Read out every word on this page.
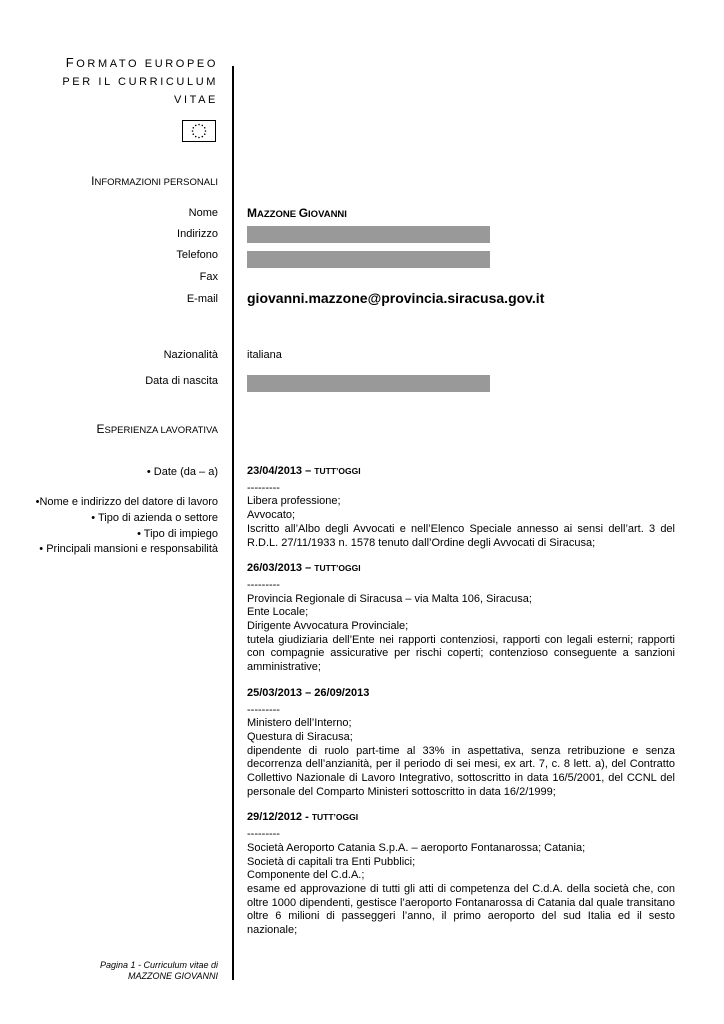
FORMATO EUROPEO
PER IL CURRICULUM
VITAE
INFORMAZIONI PERSONALI
Nome MAZZONE GIOVANNI
Indirizzo
Telefono
Fax
E-mail giovanni.mazzone@provincia.siracusa.gov.it
Nazionalità	italiana
Data di nascita
ESPERIENZA LAVORATIVA
• Date (da – a)
•Nome e indirizzo del datore di lavoro
• Tipo di azienda o settore
• Tipo di impiego
• Principali mansioni e responsabilità
23/04/2013 – TUTT’OGGI

---------

Libera professione;

Avvocato;

Iscritto all’Albo degli Avvocati e nell’Elenco Speciale annesso ai sensi dell’art. 3 del R.D.L. 27/11/1933 n. 1578 tenuto dall’Ordine degli Avvocati di Siracusa;

26/03/2013 – TUTT’OGGI

---------

Provincia Regionale di Siracusa – via Malta 106, Siracusa;

Ente Locale;

Dirigente Avvocatura Provinciale;

tutela giudiziaria dell’Ente nei rapporti contenziosi, rapporti con legali esterni; rapporti con compagnie assicurative per rischi coperti; contenzioso conseguente a sanzioni amministrative;

25/03/2013 – 26/09/2013

---------

Ministero dell’Interno;

Questura di Siracusa;

dipendente di ruolo part-time al 33% in aspettativa, senza retribuzione e senza decorrenza dell’anzianità, per il periodo di sei mesi, ex art. 7, c. 8 lett. a), del Contratto Collettivo Nazionale di Lavoro Integrativo, sottoscritto in data 16/5/2001, del CCNL del personale del Comparto Ministeri sottoscritto in data 16/2/1999;

29/12/2012 - TUTT’OGGI

---------

Società Aeroporto Catania S.p.A. – aeroporto Fontanarossa; Catania;

Società di capitali tra Enti Pubblici;

Componente del C.d.A.;

esame ed approvazione di tutti gli atti di competenza del C.d.A. della società che, con oltre 1000 dipendenti, gestisce l’aeroporto Fontanarossa di Catania dal quale transitano oltre 6 milioni di passeggeri l’anno, il primo aeroporto del sud Italia ed il sesto nazionale;

Pagina 1 - Curriculum vitae di
MAZZONE GIOVANNI
